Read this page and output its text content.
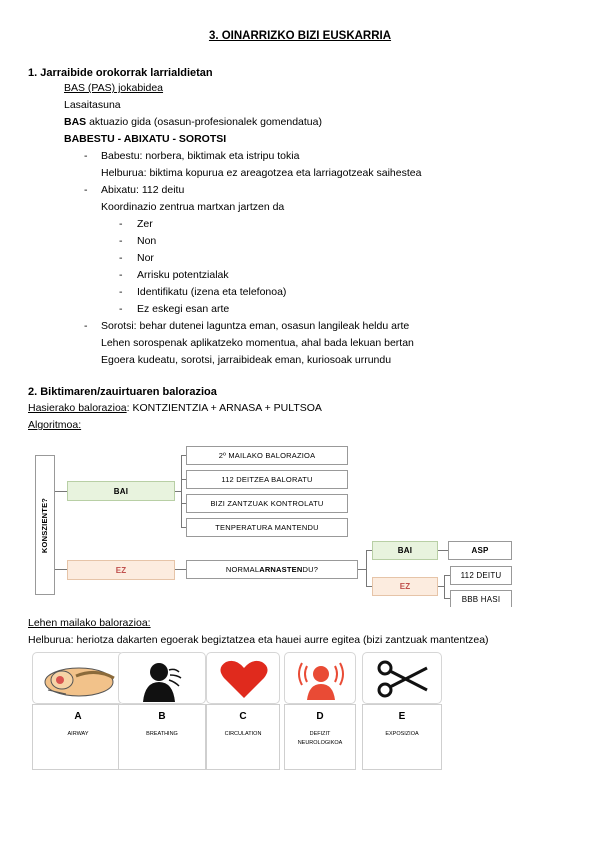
3. OINARRIZKO BIZI EUSKARRIA
1. Jarraibide orokorrak larrialdietan
BAS (PAS) jokabidea
Lasaitasuna
BAS aktuazio gida (osasun-profesionalek gomendatua)
BABESTU - ABIXATU - SOROTSI
- Babestu: norbera, biktimak eta istripu tokia
Helburua: biktima kopurua ez areagotzea eta larriagotzeak saihestea
- Abixatu: 112 deitu
Koordinazio zentrua martxan jartzen da
- Zer
- Non
- Nor
- Arrisku potentzialak
- Identifikatu (izena eta telefonoa)
- Ez eskegi esan arte
- Sorotsi: behar dutenei laguntza eman, osasun langileak heldu arte
Lehen sorospenak aplikatzeko momentua, ahal bada lekuan bertan
Egoera kudeatu, sorotsi, jarraibideak eman, kuriosoak urrundu
2. Biktimaren/zauirtuaren balorazioa
Hasierako balorazioa: KONTZIENTZIA + ARNASA + PULTSOA
Algoritmoa:
KONSZIENTE?
BAI
EZ
2º MAILAKO BALORAZIOA
112 DEITZEA BALORATU
BIZI ZANTZUAK KONTROLATU
TENPERATURA MANTENDU
NORMAL ARNASTEN DU?
BAI
EZ
ASP
112 DEITU
BBB HASI
Lehen mailako balorazioa:
Helburua: heriotza dakarten egoerak begiztatzea eta hauei aurre egitea (bizi zantzuak mantentzea)
A
AIRWAY
B
BREATHING
C
CIRCULATION
D
DEFIZIT NEUROLOGIKOA
E
EXPOSIZIOA
